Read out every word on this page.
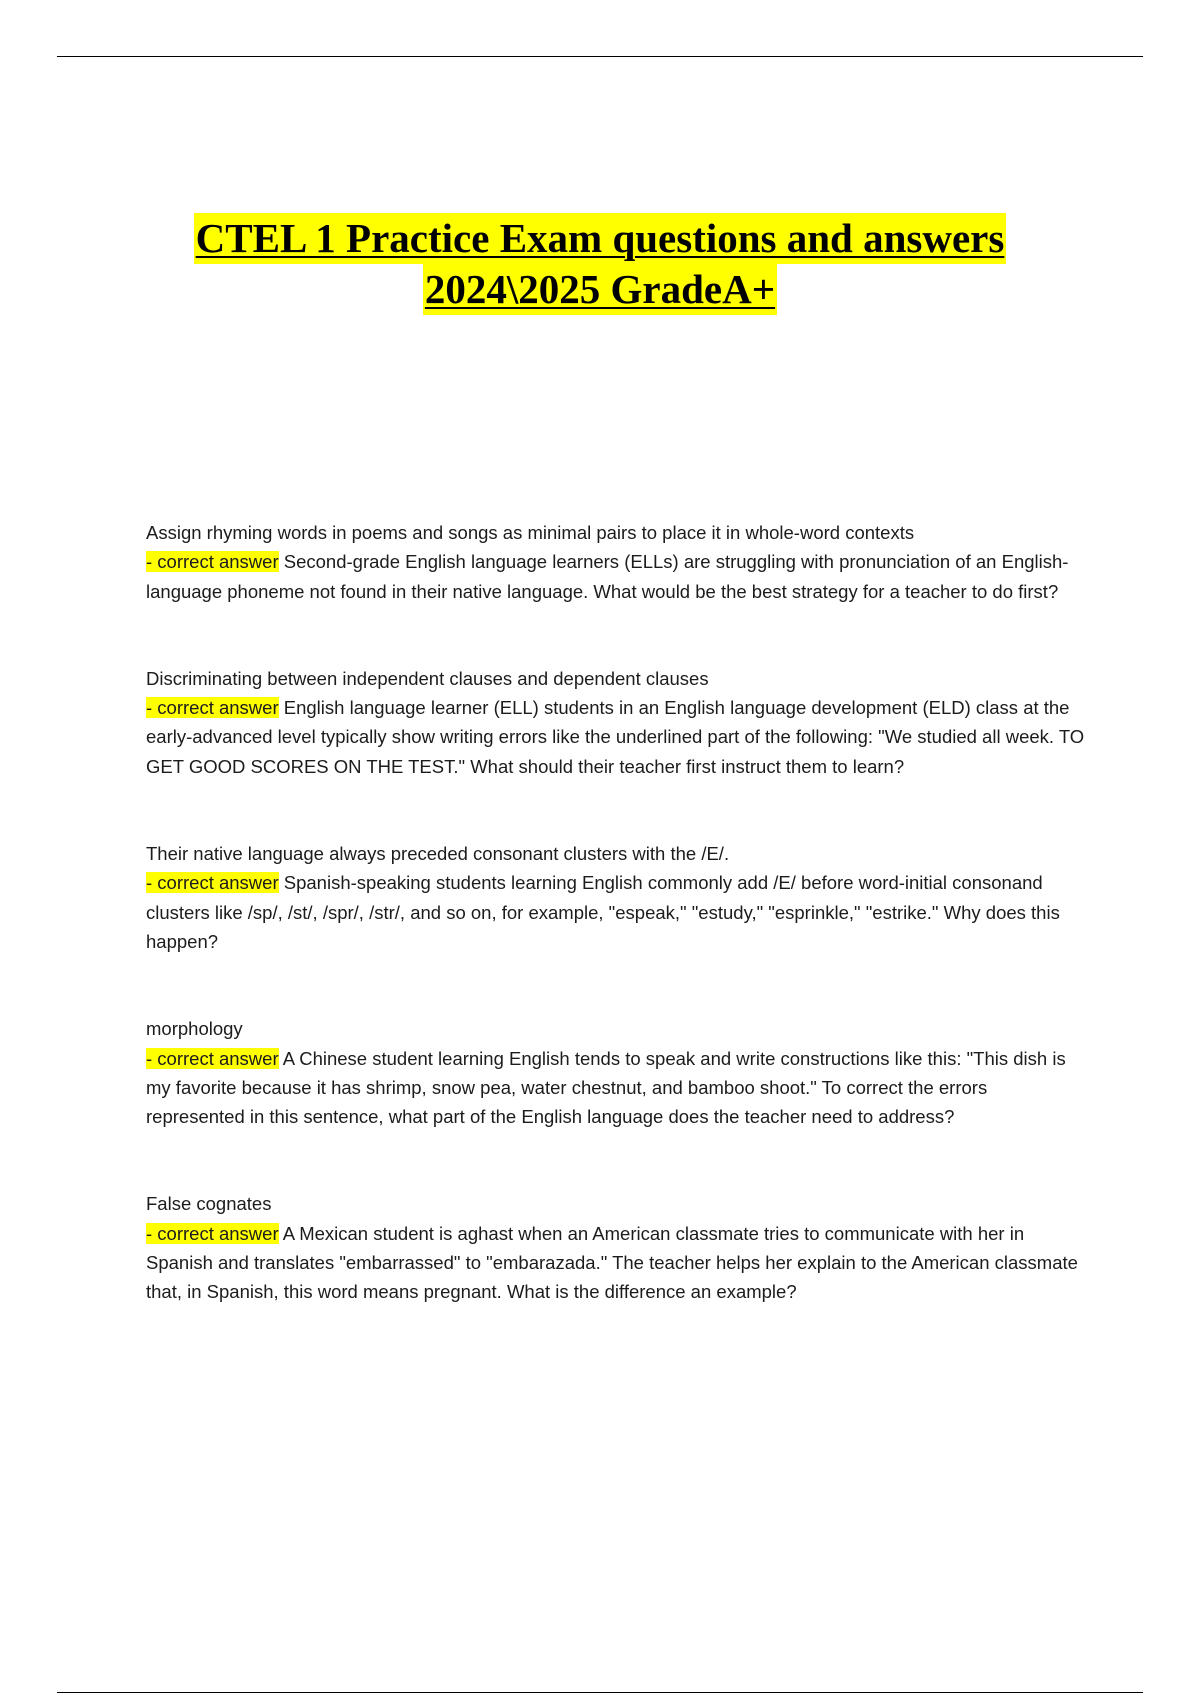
CTEL 1 Practice Exam questions and answers
2024\2025 GradeA+

Assign rhyming words in poems and songs as minimal pairs to place it in whole-word contexts

- correct answer Second-grade English language learners (ELLs) are struggling with pronunciation of an English-language phoneme not found in their native language. What would be the best strategy for a teacher to do first?

Discriminating between independent clauses and dependent clauses

- correct answer English language learner (ELL) students in an English language development (ELD) class at the early-advanced level typically show writing errors like the underlined part of the following: "We studied all week. TO GET GOOD SCORES ON THE TEST." What should their teacher first instruct them to learn?

Their native language always preceded consonant clusters with the /E/.

- correct answer Spanish-speaking students learning English commonly add /E/ before word-initial consonand clusters like /sp/, /st/, /spr/, /str/, and so on, for example, "espeak," "estudy," "esprinkle," "estrike." Why does this happen?

morphology

- correct answer A Chinese student learning English tends to speak and write constructions like this: "This dish is my favorite because it has shrimp, snow pea, water chestnut, and bamboo shoot." To correct the errors represented in this sentence, what part of the English language does the teacher need to address?

False cognates

- correct answer A Mexican student is aghast when an American classmate tries to communicate with her in Spanish and translates "embarrassed" to "embarazada." The teacher helps her explain to the American classmate that, in Spanish, this word means pregnant. What is the difference an example?
